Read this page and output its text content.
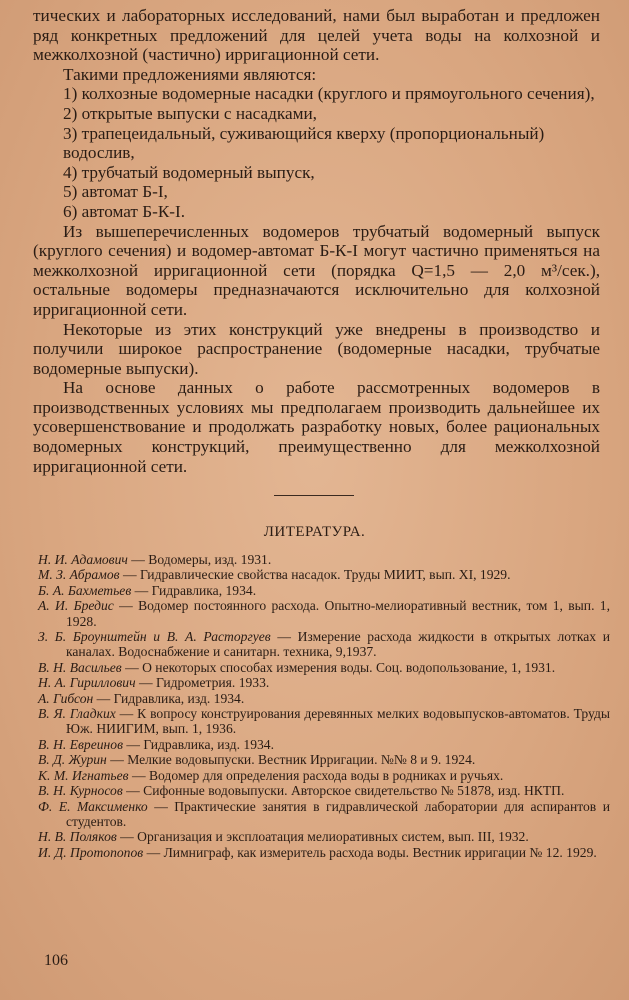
тических и лабораторных исследований, нами был выработан и предложен ряд конкретных предложений для целей учета воды на колхозной и межколхозной (частично) ирригационной сети.

Такими предложениями являются:

1) колхозные водомерные насадки (круглого и прямоугольного сечения),

2) открытые выпуски с насадками,

3) трапецеидальный, суживающийся кверху (пропорциональный) водослив,

4) трубчатый водомерный выпуск,

5) автомат Б-I,

6) автомат Б-К-I.

Из вышеперечисленных водомеров трубчатый водомерный выпуск (круглого сечения) и водомер-автомат Б-К-I могут частично применяться на межколхозной ирригационной сети (порядка Q=1,5 — 2,0 м³/сек.), остальные водомеры предназначаются исключительно для колхозной ирригационной сети.

Некоторые из этих конструкций уже внедрены в производство и получили широкое распространение (водомерные насадки, трубчатые водомерные выпуски).

На основе данных о работе рассмотренных водомеров в производственных условиях мы предполагаем производить дальнейшее их усовершенствование и продолжать разработку новых, более рациональных водомерных конструкций, преимущественно для межколхозной ирригационной сети.

ЛИТЕРАТУРА.
Н. И. Адамович — Водомеры, изд. 1931.
М. З. Абрамов — Гидравлические свойства насадок. Труды МИИТ, вып. XI, 1929.
Б. А. Бахметьев — Гидравлика, 1934.
А. И. Бредис — Водомер постоянного расхода. Опытно-мелиоративный вестник, том 1, вып. 1, 1928.
З. Б. Броунштейн и В. А. Расторгуев — Измерение расхода жидкости в открытых лотках и каналах. Водоснабжение и санитарн. техника, 9,1937.
В. Н. Васильев — О некоторых способах измерения воды. Соц. водопользование, 1, 1931.
Н. А. Гириллович — Гидрометрия. 1933.
А. Гибсон — Гидравлика, изд. 1934.
В. Я. Гладких — К вопросу конструирования деревянных мелких водовыпусков-автоматов. Труды Юж. НИИГИМ, вып. 1, 1936.
В. Н. Евреинов — Гидравлика, изд. 1934.
В. Д. Журин — Мелкие водовыпуски. Вестник Ирригации. №№ 8 и 9. 1924.
К. М. Игнатьев — Водомер для определения расхода воды в родниках и ручьях.
В. Н. Курносов — Сифонные водовыпуски. Авторское свидетельство № 51878, изд. НКТП.
Ф. Е. Максименко — Практические занятия в гидравлической лаборатории для аспирантов и студентов.
Н. В. Поляков — Организация и эксплоатация мелиоративных систем, вып. III, 1932.
И. Д. Протопопов — Лимниграф, как измеритель расхода воды. Вестник ирригации № 12. 1929.
106
